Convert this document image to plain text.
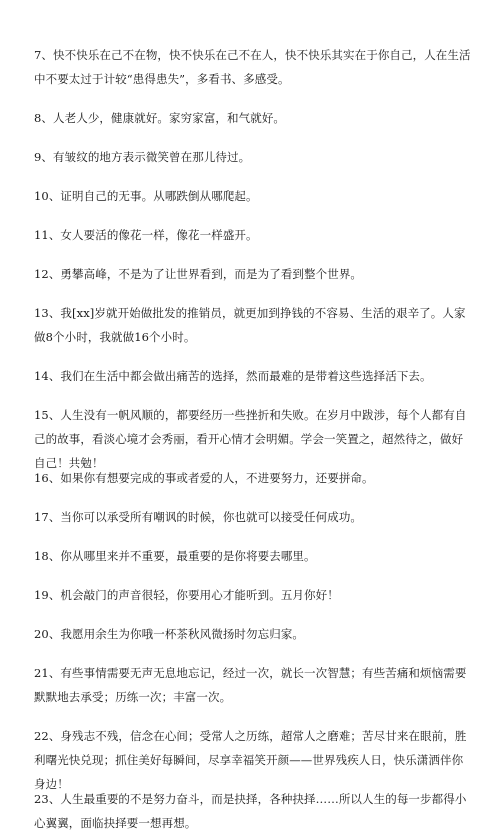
7、快不快乐在己不在物，快不快乐在己不在人，快不快乐其实在于你自己，人在生活中不要太过于计较“患得患失”，多看书、多感受。

8、人老人少，健康就好。家穷家富，和气就好。

9、有皱纹的地方表示微笑曾在那儿待过。

10、证明自己的无事。从哪跌倒从哪爬起。

11、女人要活的像花一样，像花一样盛开。

12、勇攀高峰，不是为了让世界看到，而是为了看到整个世界。

13、我[xx]岁就开始做批发的推销员，就更加到挣钱的不容易、生活的艰辛了。人家做8个小时，我就做16个小时。

14、我们在生活中都会做出痛苦的选择，然而最难的是带着这些选择活下去。

15、人生没有一帆风顺的，都要经历一些挫折和失败。在岁月中跋涉，每个人都有自己的故事，看淡心境才会秀丽，看开心情才会明媚。学会一笑置之，超然待之，做好自己！共勉！

16、如果你有想要完成的事或者爱的人，不进要努力，还要拼命。

17、当你可以承受所有嘲讽的时候，你也就可以接受任何成功。

18、你从哪里来并不重要，最重要的是你将要去哪里。

19、机会敲门的声音很轻，你要用心才能听到。五月你好！

20、我愿用余生为你哦一杯茶秋风微扬时勿忘归家。

21、有些事情需要无声无息地忘记，经过一次，就长一次智慧；有些苦痛和烦恼需要默默地去承受；历练一次；丰富一次。

22、身残志不残，信念在心间；受常人之历练，超常人之磨难；苦尽甘来在眼前，胜利曙光快兑现；抓住美好每瞬间，尽享幸福笑开颜——世界残疾人日，快乐潇洒伴你身边！

23、人生最重要的不是努力奋斗，而是抉择，各种抉择……所以人生的每一步都得小心翼翼，面临抉择要一想再想。
